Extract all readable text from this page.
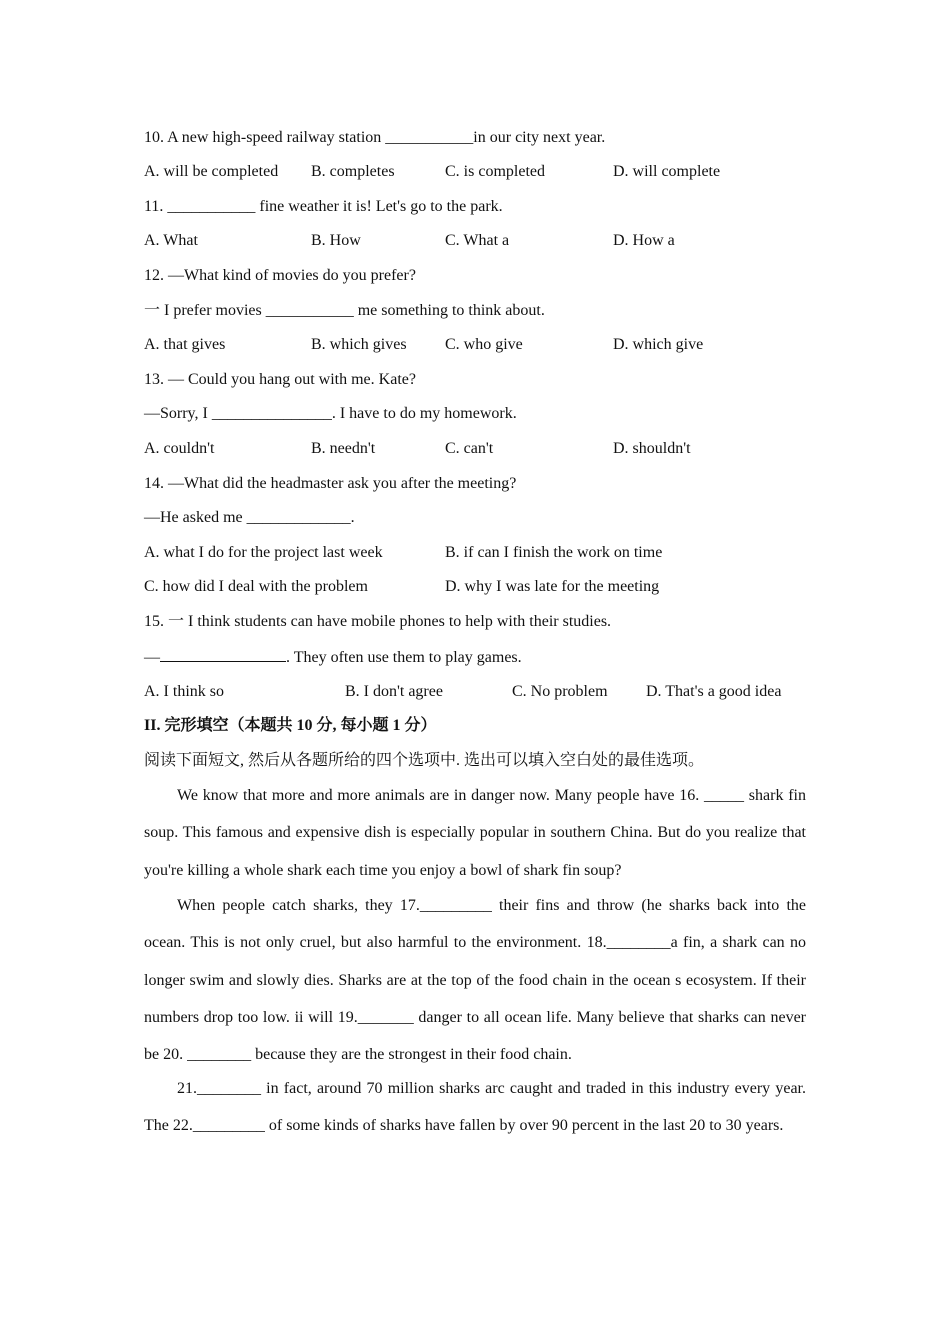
10. A new high-speed railway station ___________in our city next year.
A. will be completed B. completes	C. is completed	D. will complete
11. ___________ fine weather it is! Let's go to the park.
A. What	B. How	C. What a	D. How a
12. —What kind of movies do you prefer?
一 I prefer movies ___________ me something to think about.
A. that gives	B. which gives C. who give	D. which give
13. — Could you hang out with me. Kate?
—Sorry, I _______________. I have to do my homework.
A. couldn't	B. needn't	C. can't	D. shouldn't
14. —What did the headmaster ask you after the meeting?
—He asked me _____________.
A. what I do for the project last week	B. if can I finish the work on time
C. how did I deal with the problem	D. why I was late for the meeting
15. 一 I think students can have mobile phones to help with their studies.
—	. They often use them to play games.
A. I think so	B. I don't agree	C. No problem D. That's a good idea
II. 完形填空（本题共 10 分, 每小题 1 分）
阅读下面短文, 然后从各题所给的四个选项中. 选出可以填入空白处的最佳选项。
We know that more and more animals are in danger now. Many people have 16. _____ shark fin soup. This famous and expensive dish is especially popular in southern China. But do you realize that you're killing a whole shark each time you enjoy a bowl of shark fin soup?
When people catch sharks, they 17._________ their fins and throw (he sharks back into the ocean. This is not only cruel, but also harmful to the environment. 18.________a fin, a shark can no longer swim and slowly dies. Sharks are at the top of the food chain in the ocean s ecosystem. If their numbers drop too low. ii will 19._______ danger to all ocean life. Many believe that sharks can never be 20. ________ because they are the strongest in their food chain.
21.________ in fact, around 70 million sharks arc caught and traded in this industry every year. The 22._________ of some kinds of sharks have fallen by over 90 percent in the last 20 to 30 years.
